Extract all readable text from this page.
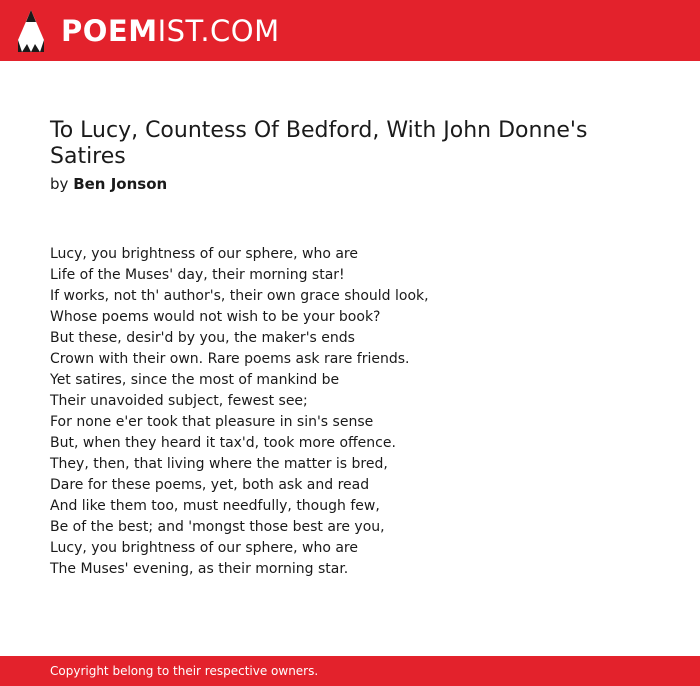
POEMIST.COM
To Lucy, Countess Of Bedford, With John Donne's Satires
by Ben Jonson
Lucy, you brightness of our sphere, who are
Life of the Muses' day, their morning star!
If works, not th' author's, their own grace should look,
Whose poems would not wish to be your book?
But these, desir'd by you, the maker's ends
Crown with their own. Rare poems ask rare friends.
Yet satires, since the most of mankind be
Their unavoided subject, fewest see;
For none e'er took that pleasure in sin's sense
But, when they heard it tax'd, took more offence.
They, then, that living where the matter is bred,
Dare for these poems, yet, both ask and read
And like them too, must needfully, though few,
Be of the best; and 'mongst those best are you,
Lucy, you brightness of our sphere, who are
The Muses' evening, as their morning star.
Copyright belong to their respective owners.
